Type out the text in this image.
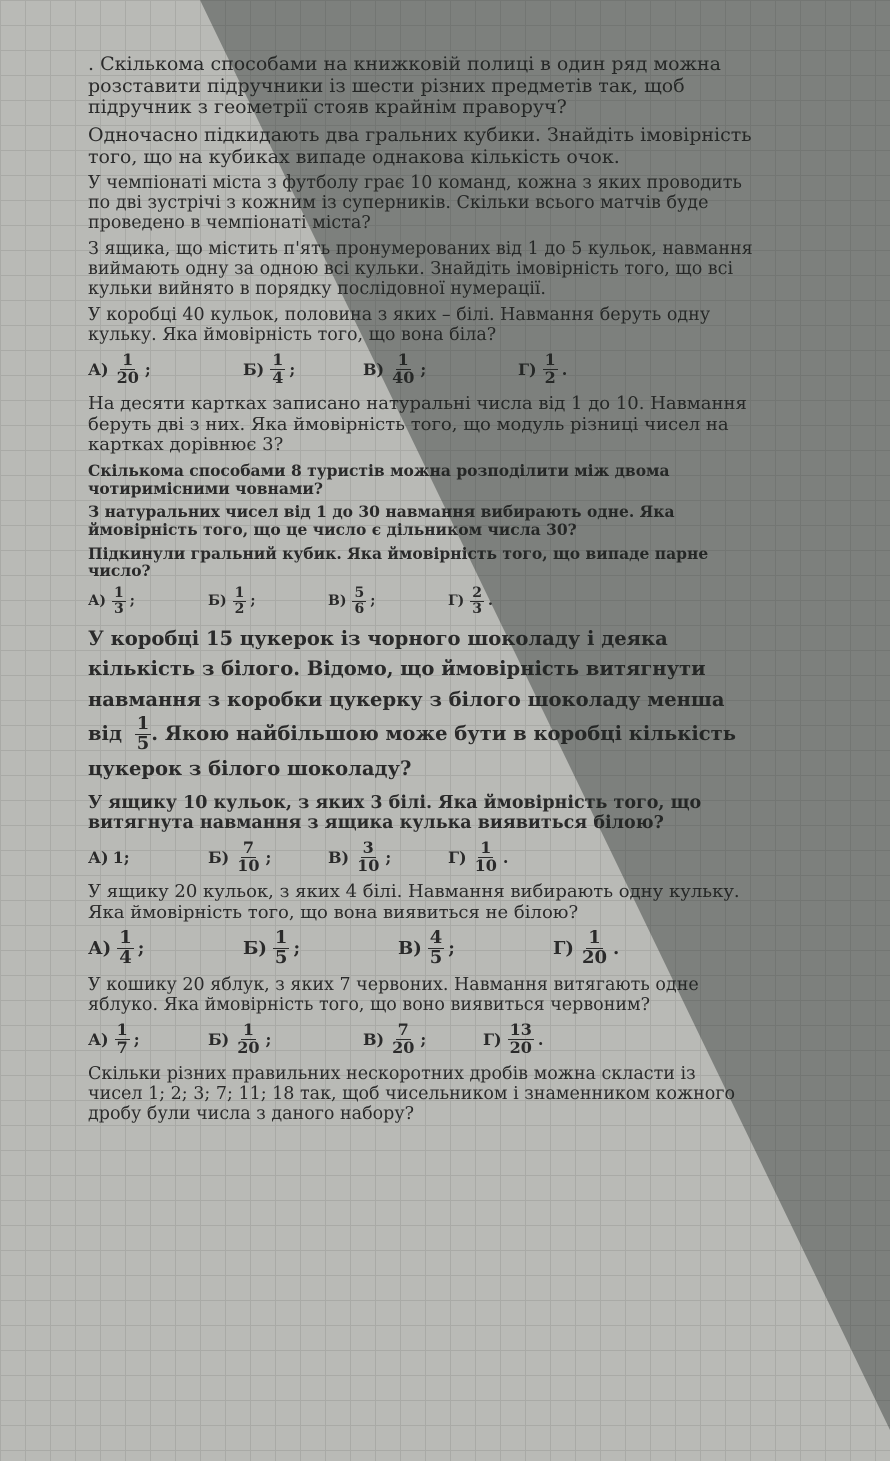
. Скількома способами на книжковій полиці в один ряд можна розставити підручники із шести різних предметів так, щоб підручник з геометрії стояв крайнім праворуч?

Одночасно підкидають два гральних кубики. Знайдіть імовірність того, що на кубиках випаде однакова кількість очок.

У чемпіонаті міста з футболу грає 10 команд, кожна з яких проводить по дві зустрічі з кожним із суперників. Скільки всього матчів буде проведено в чемпіонаті міста?

З ящика, що містить п'ять пронумерованих від 1 до 5 кульок, навмання виймають одну за одною всі кульки. Знайдіть імовірність того, що всі кульки вийнято в порядку послідовної нумерації.

У коробці 40 кульок, половина з яких – білі. Навмання беруть одну кульку. Яка ймовірність того, що вона біла?

$А) \frac{1}{20}$ ;	$Б) \frac{1}{4}$ ;	$В) \frac{1}{40}$ ;	$Г) \frac{1}{2}$ .

На десяти картках записано натуральні числа від 1 до 10. Навмання беруть дві з них. Яка ймовірність того, що модуль різниці чисел на картках дорівнює 3?

Скількома способами 8 туристів можна розподілити між двома чотиримісними човнами?

З натуральних чисел від 1 до 30 навмання вибирають одне. Яка ймовірність того, що це число є дільником числа 30?

Підкинули гральний кубик. Яка ймовірність того, що випаде парне число?

$А) \frac{1}{3}$ ;	$Б) \frac{1}{2}$ ;	$В) \frac{5}{6}$ ;	$Г) \frac{2}{3}$ .

У коробці 15 цукерок із чорного шоколаду і деяка кількість з білого. Відомо, що ймовірність витягнути навмання з коробки цукерку з білого шоколаду менша від $\frac{1}{5}$ . Якою найбільшою може бути в коробці кількість цукерок з білого шоколаду?

У ящику 10 кульок, з яких 3 білі. Яка ймовірність того, що витягнута навмання з ящика кулька виявиться білою?

А) 1;	$Б) \frac{7}{10}$ ;	$В) \frac{3}{10}$ ;	$Г) \frac{1}{10}$ .

У ящику 20 кульок, з яких 4 білі. Навмання вибирають одну кульку. Яка ймовірність того, що вона виявиться не білою?

$А) \frac{1}{4}$ ;	$Б) \frac{1}{5}$ ;	$В) \frac{4}{5}$ ;	$Г) \frac{1}{20}$ .

У кошику 20 яблук, з яких 7 червоних. Навмання витягають одне яблуко. Яка ймовірність того, що воно виявиться червоним?

$А) \frac{1}{7}$ ;	$Б) \frac{1}{20}$ ;	$В) \frac{7}{20}$ ;	$Г) \frac{13}{20}$ .

Скільки різних правильних нескоротних дробів можна скласти із чисел 1; 2; 3; 7; 11; 18 так, щоб чисельником і знаменником кожного дробу були числа з даного набору?
